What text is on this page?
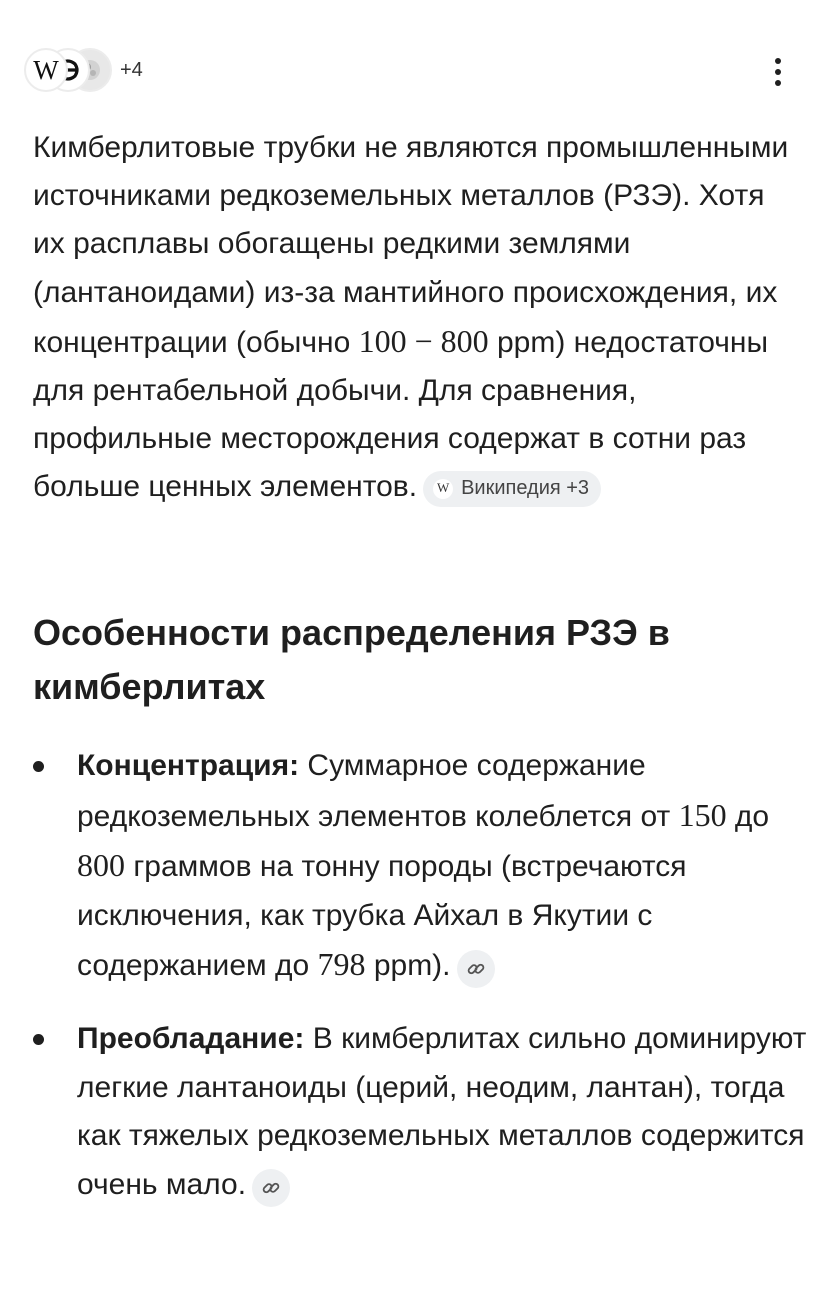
W	+4

Кимберлитовые трубки не являются промышленными источниками редкоземельных металлов (РЗЭ). Хотя их расплавы обогащены редкими землями (лантаноидами) из-за мантийного происхождения, их концентрации (обычно 100 − 800 ppm) недостаточны для рентабельной добычи. Для сравнения, профильные месторождения содержат в сотни раз больше ценных элементов. W Википедия +3

Особенности распределения РЗЭ в кимберлитах
Концентрация: Суммарное содержание редкоземельных элементов колеблется от 150 до 800 граммов на тонну породы (встречаются исключения, как трубка Айхал в Якутии с содержанием до 798 ppm).
Преобладание: В кимберлитах сильно доминируют легкие лантаноиды (церий, неодим, лантан), тогда как тяжелых редкоземельных металлов содержится очень мало.
